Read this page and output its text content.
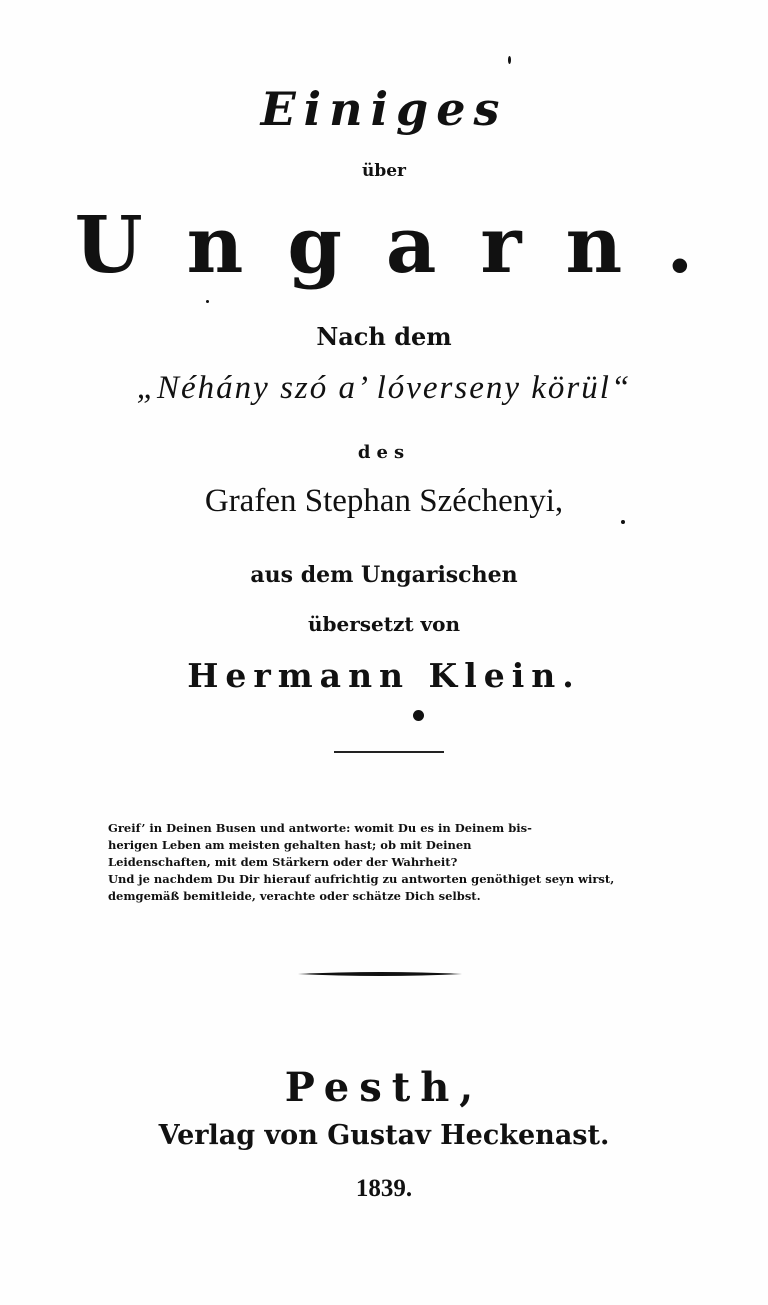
Einiges
über
Ungarn.
Nach dem
„Néhány szó a’ lóverseny körül“
des
Grafen Stephan Széchenyi,
aus dem Ungarischen
übersetzt von
Hermann Klein.
Greif’ in Deinen Busen und antworte: womit Du es in Deinem bis-
herigen Leben am meisten gehalten hast; ob mit Deinen
Leidenschaften, mit dem Stärkern oder der Wahrheit?
Und je nachdem Du Dir hierauf aufrichtig zu antworten genöthiget seyn wirst,
demgemäß bemitleide, verachte oder schätze Dich selbst.
Pesth,
Verlag von Gustav Heckenast.
1839.
